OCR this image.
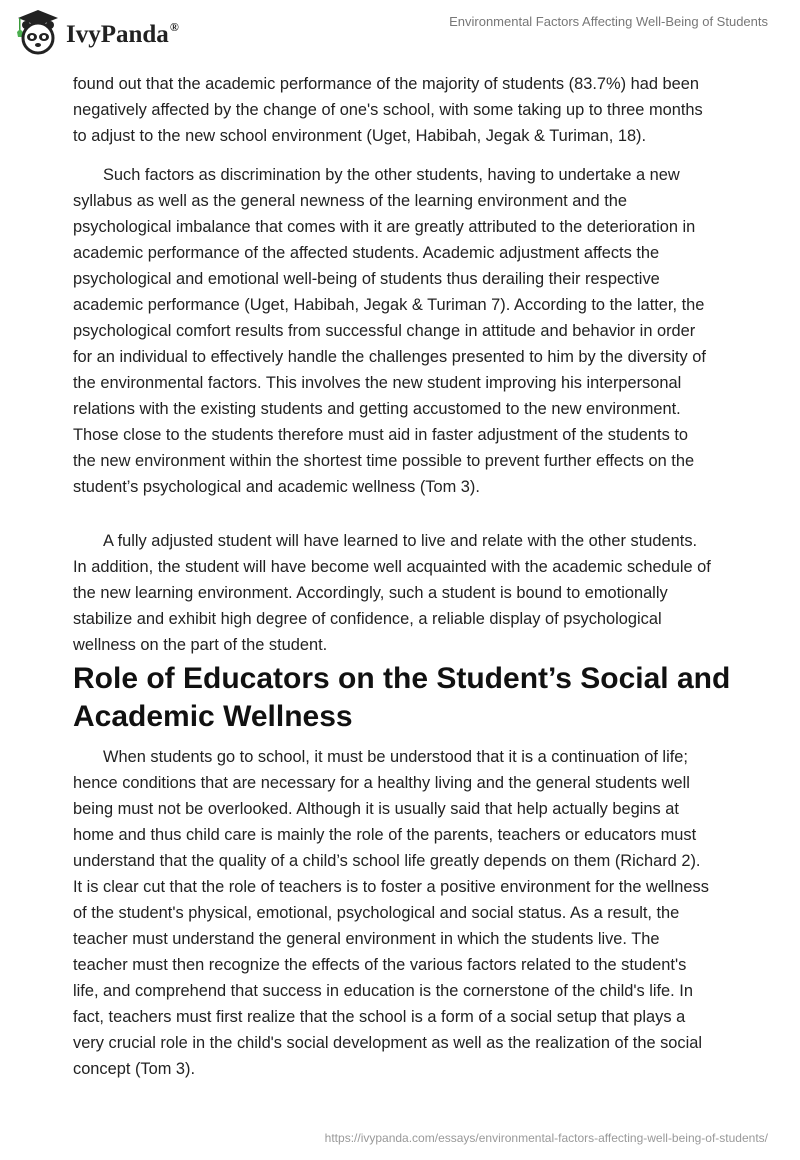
IvyPanda ®	Environmental Factors Affecting Well-Being of Students
found out that the academic performance of the majority of students (83.7%) had been
negatively affected by the change of one's school, with some taking up to three months
to adjust to the new school environment (Uget, Habibah, Jegak & Turiman, 18).
Such factors as discrimination by the other students, having to undertake a new
syllabus as well as the general newness of the learning environment and the
psychological imbalance that comes with it are greatly attributed to the deterioration in
academic performance of the affected students. Academic adjustment affects the
psychological and emotional well-being of students thus derailing their respective
academic performance (Uget, Habibah, Jegak & Turiman 7). According to the latter, the
psychological comfort results from successful change in attitude and behavior in order
for an individual to effectively handle the challenges presented to him by the diversity of
the environmental factors. This involves the new student improving his interpersonal
relations with the existing students and getting accustomed to the new environment.
Those close to the students therefore must aid in faster adjustment of the students to
the new environment within the shortest time possible to prevent further effects on the
student’s psychological and academic wellness (Tom 3).
A fully adjusted student will have learned to live and relate with the other students.
In addition, the student will have become well acquainted with the academic schedule of
the new learning environment. Accordingly, such a student is bound to emotionally
stabilize and exhibit high degree of confidence, a reliable display of psychological
wellness on the part of the student.
Role of Educators on the Student’s Social and
Academic Wellness
When students go to school, it must be understood that it is a continuation of life;
hence conditions that are necessary for a healthy living and the general students well
being must not be overlooked. Although it is usually said that help actually begins at
home and thus child care is mainly the role of the parents, teachers or educators must
understand that the quality of a child’s school life greatly depends on them (Richard 2).
It is clear cut that the role of teachers is to foster a positive environment for the wellness
of the student's physical, emotional, psychological and social status. As a result, the
teacher must understand the general environment in which the students live. The
teacher must then recognize the effects of the various factors related to the student's
life, and comprehend that success in education is the cornerstone of the child's life. In
fact, teachers must first realize that the school is a form of a social setup that plays a
very crucial role in the child's social development as well as the realization of the social
concept (Tom 3).
https://ivypanda.com/essays/environmental-factors-affecting-well-being-of-students/
